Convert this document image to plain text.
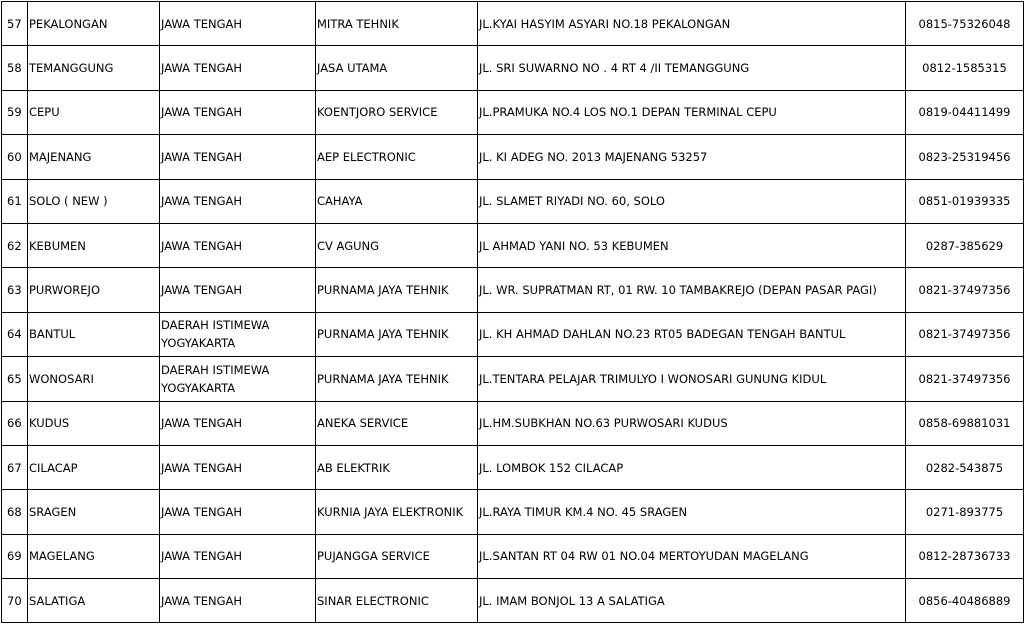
57	PEKALONGAN	JAWA TENGAH	MITRA TEHNIK	JL.KYAI HASYIM ASYARI NO.18 PEKALONGAN	0815-75326048
58	TEMANGGUNG	JAWA TENGAH	JASA UTAMA	JL. SRI SUWARNO NO . 4 RT 4 /II TEMANGGUNG	0812-1585315
59	CEPU	JAWA TENGAH	KOENTJORO SERVICE	JL.PRAMUKA NO.4 LOS NO.1 DEPAN TERMINAL CEPU	0819-04411499
60	MAJENANG	JAWA TENGAH	AEP ELECTRONIC	JL. KI ADEG NO. 2013 MAJENANG 53257	0823-25319456
61	SOLO ( NEW )	JAWA TENGAH	CAHAYA	JL. SLAMET RIYADI NO. 60, SOLO	0851-01939335
62	KEBUMEN	JAWA TENGAH	CV AGUNG	JL AHMAD YANI NO. 53 KEBUMEN	0287-385629
63	PURWOREJO	JAWA TENGAH	PURNAMA JAYA TEHNIK	JL. WR. SUPRATMAN RT, 01 RW. 10 TAMBAKREJO (DEPAN PASAR PAGI)	0821-37497356
64	BANTUL	DAERAH ISTIMEWA YOGYAKARTA	PURNAMA JAYA TEHNIK	JL. KH AHMAD DAHLAN NO.23 RT05 BADEGAN TENGAH BANTUL	0821-37497356
65	WONOSARI	DAERAH ISTIMEWA YOGYAKARTA	PURNAMA JAYA TEHNIK	JL.TENTARA PELAJAR TRIMULYO I WONOSARI GUNUNG KIDUL	0821-37497356
66	KUDUS	JAWA TENGAH	ANEKA SERVICE	JL.HM.SUBKHAN NO.63 PURWOSARI KUDUS	0858-69881031
67	CILACAP	JAWA TENGAH	AB ELEKTRIK	JL. LOMBOK 152 CILACAP	0282-543875
68	SRAGEN	JAWA TENGAH	KURNIA JAYA ELEKTRONIK	JL.RAYA TIMUR KM.4 NO. 45 SRAGEN	0271-893775
69	MAGELANG	JAWA TENGAH	PUJANGGA SERVICE	JL.SANTAN RT 04 RW 01 NO.04 MERTOYUDAN MAGELANG	0812-28736733
70	SALATIGA	JAWA TENGAH	SINAR ELECTRONIC	JL. IMAM BONJOL 13 A SALATIGA	0856-40486889
